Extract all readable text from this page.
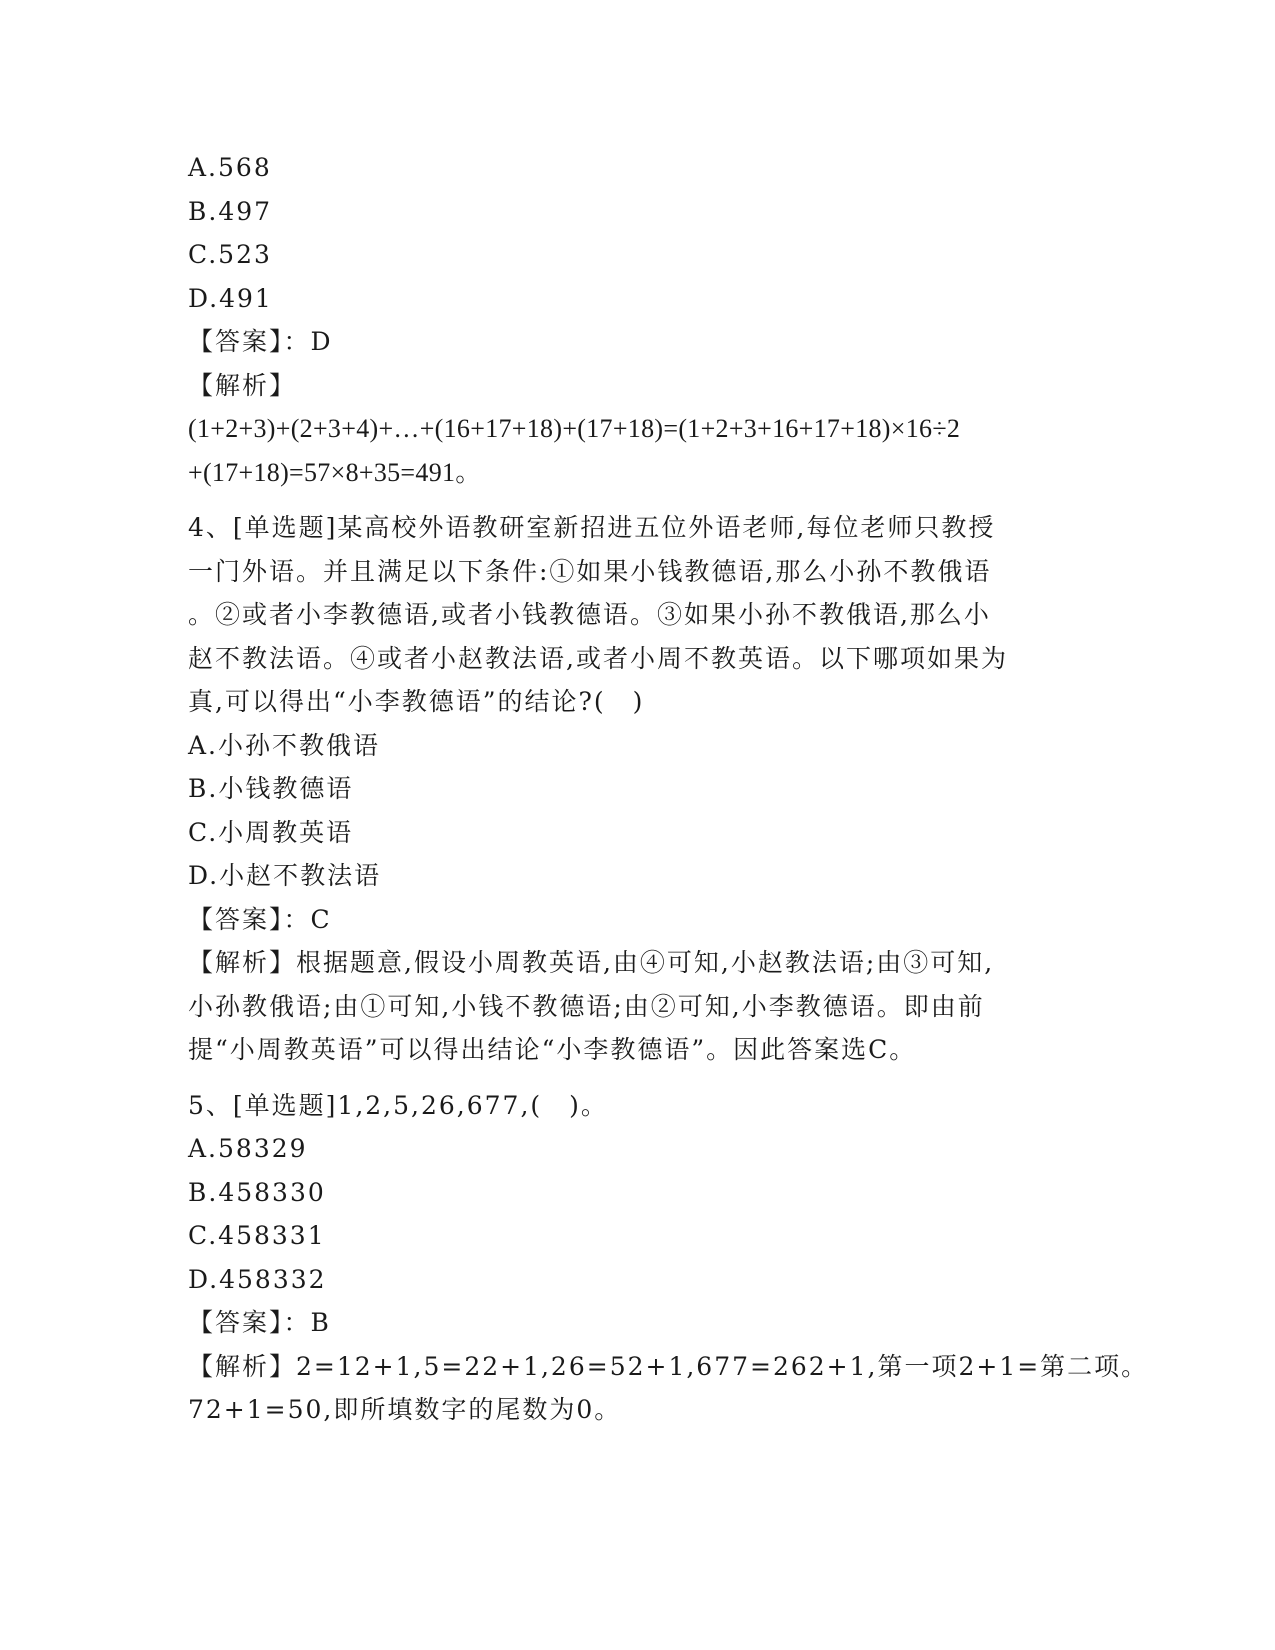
A.568
B.497
C.523
D.491
【答案】：D
【解析】
(1+2+3)+(2+3+4)+…+(16+17+18)+(17+18)=(1+2+3+16+17+18)×16÷2
+(17+18)=57×8+35=491。
4、[单选题]某高校外语教研室新招进五位外语老师,每位老师只教授
一门外语。并且满足以下条件:①如果小钱教德语,那么小孙不教俄语
。②或者小李教德语,或者小钱教德语。③如果小孙不教俄语,那么小
赵不教法语。④或者小赵教法语,或者小周不教英语。以下哪项如果为
真,可以得出“小李教德语”的结论?(　)
A.小孙不教俄语
B.小钱教德语
C.小周教英语
D.小赵不教法语
【答案】：C
【解析】根据题意,假设小周教英语,由④可知,小赵教法语;由③可知,
小孙教俄语;由①可知,小钱不教德语;由②可知,小李教德语。即由前
提“小周教英语”可以得出结论“小李教德语”。因此答案选C。
5、[单选题]1,2,5,26,677,(　)。
A.58329
B.458330
C.458331
D.458332
【答案】：B
【解析】2=12+1,5=22+1,26=52+1,677=262+1,第一项2+1=第二项。
72+1=50,即所填数字的尾数为0。
